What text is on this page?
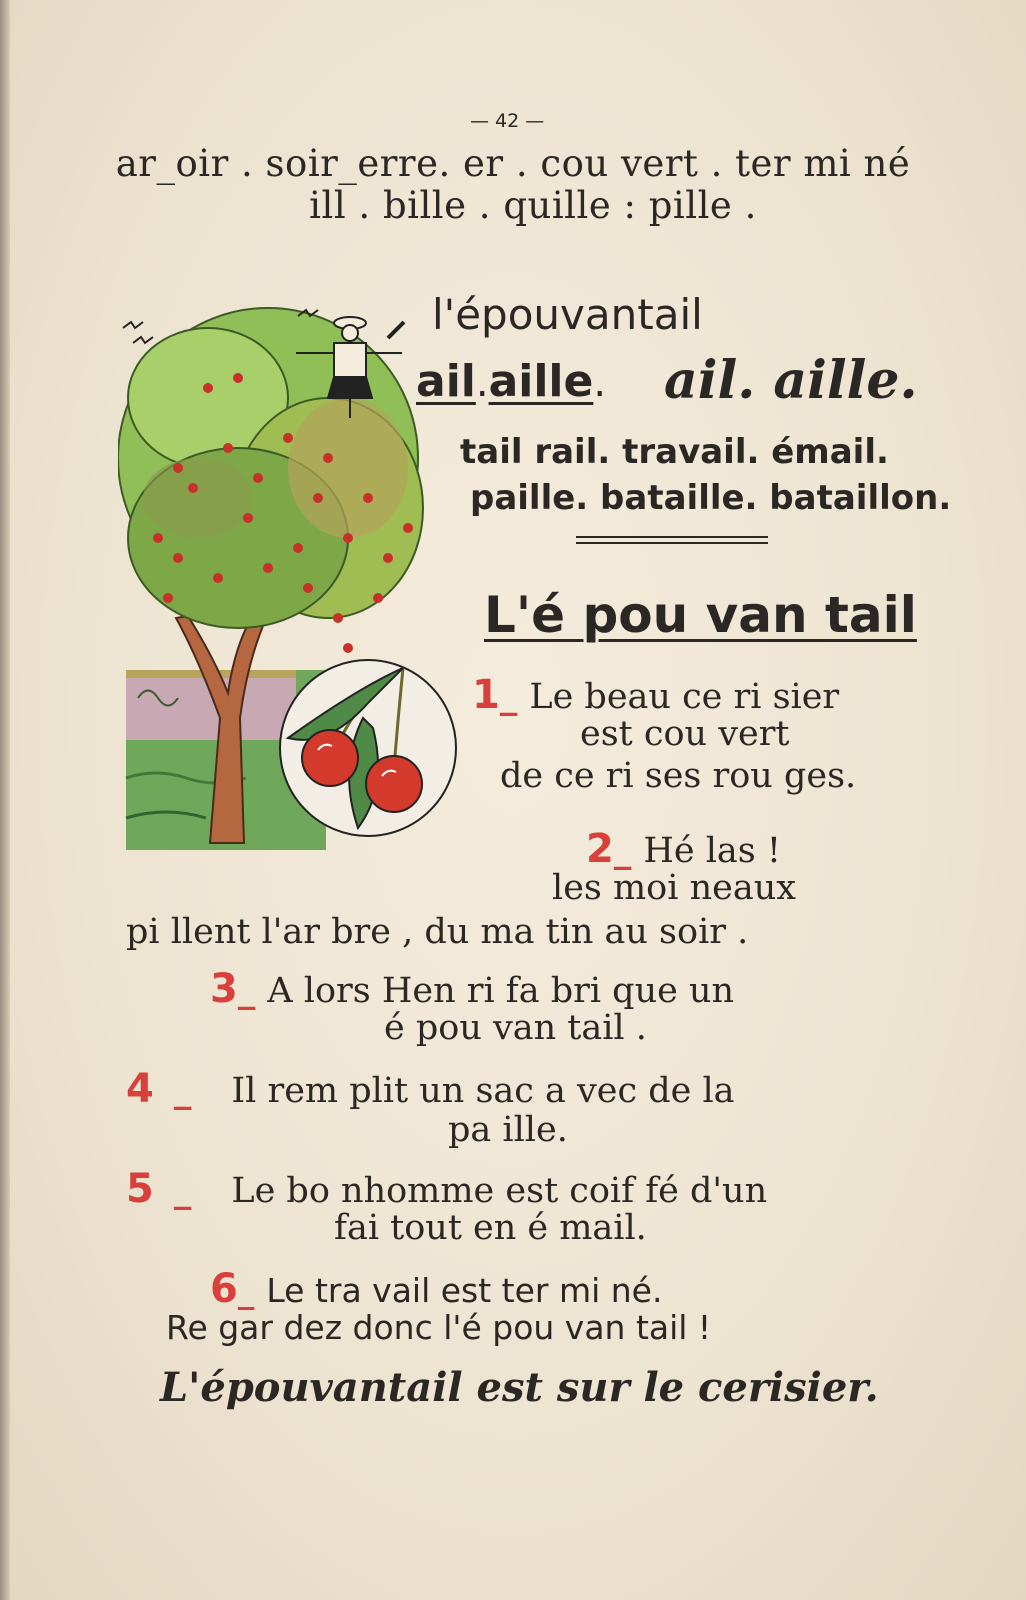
— 42 —
ar_oir . soir_erre. er . cou vert . ter mi né
ill . bille . quille : pille .
l'épouvantail
ail.aille. ail. aille.
tail rail. travail. émail.
paille. bataille. bataillon.
L'é pou van tail
1_ Le beau ce ri sier
est cou vert
de ce ri ses rou ges.
2_ Hé las !
les moi neaux
pi llent l'ar bre , du ma tin au soir .
3_ A lors Hen ri fa bri que un
é pou van tail .
4 _ Il rem plit un sac a vec de la
pa ille.
5 _ Le bo nhomme est coif fé d'un
fai tout en é mail.
6_ Le tra vail est ter mi né.
Re gar dez donc l'é pou van tail !
L'épouvantail est sur le cerisier.
